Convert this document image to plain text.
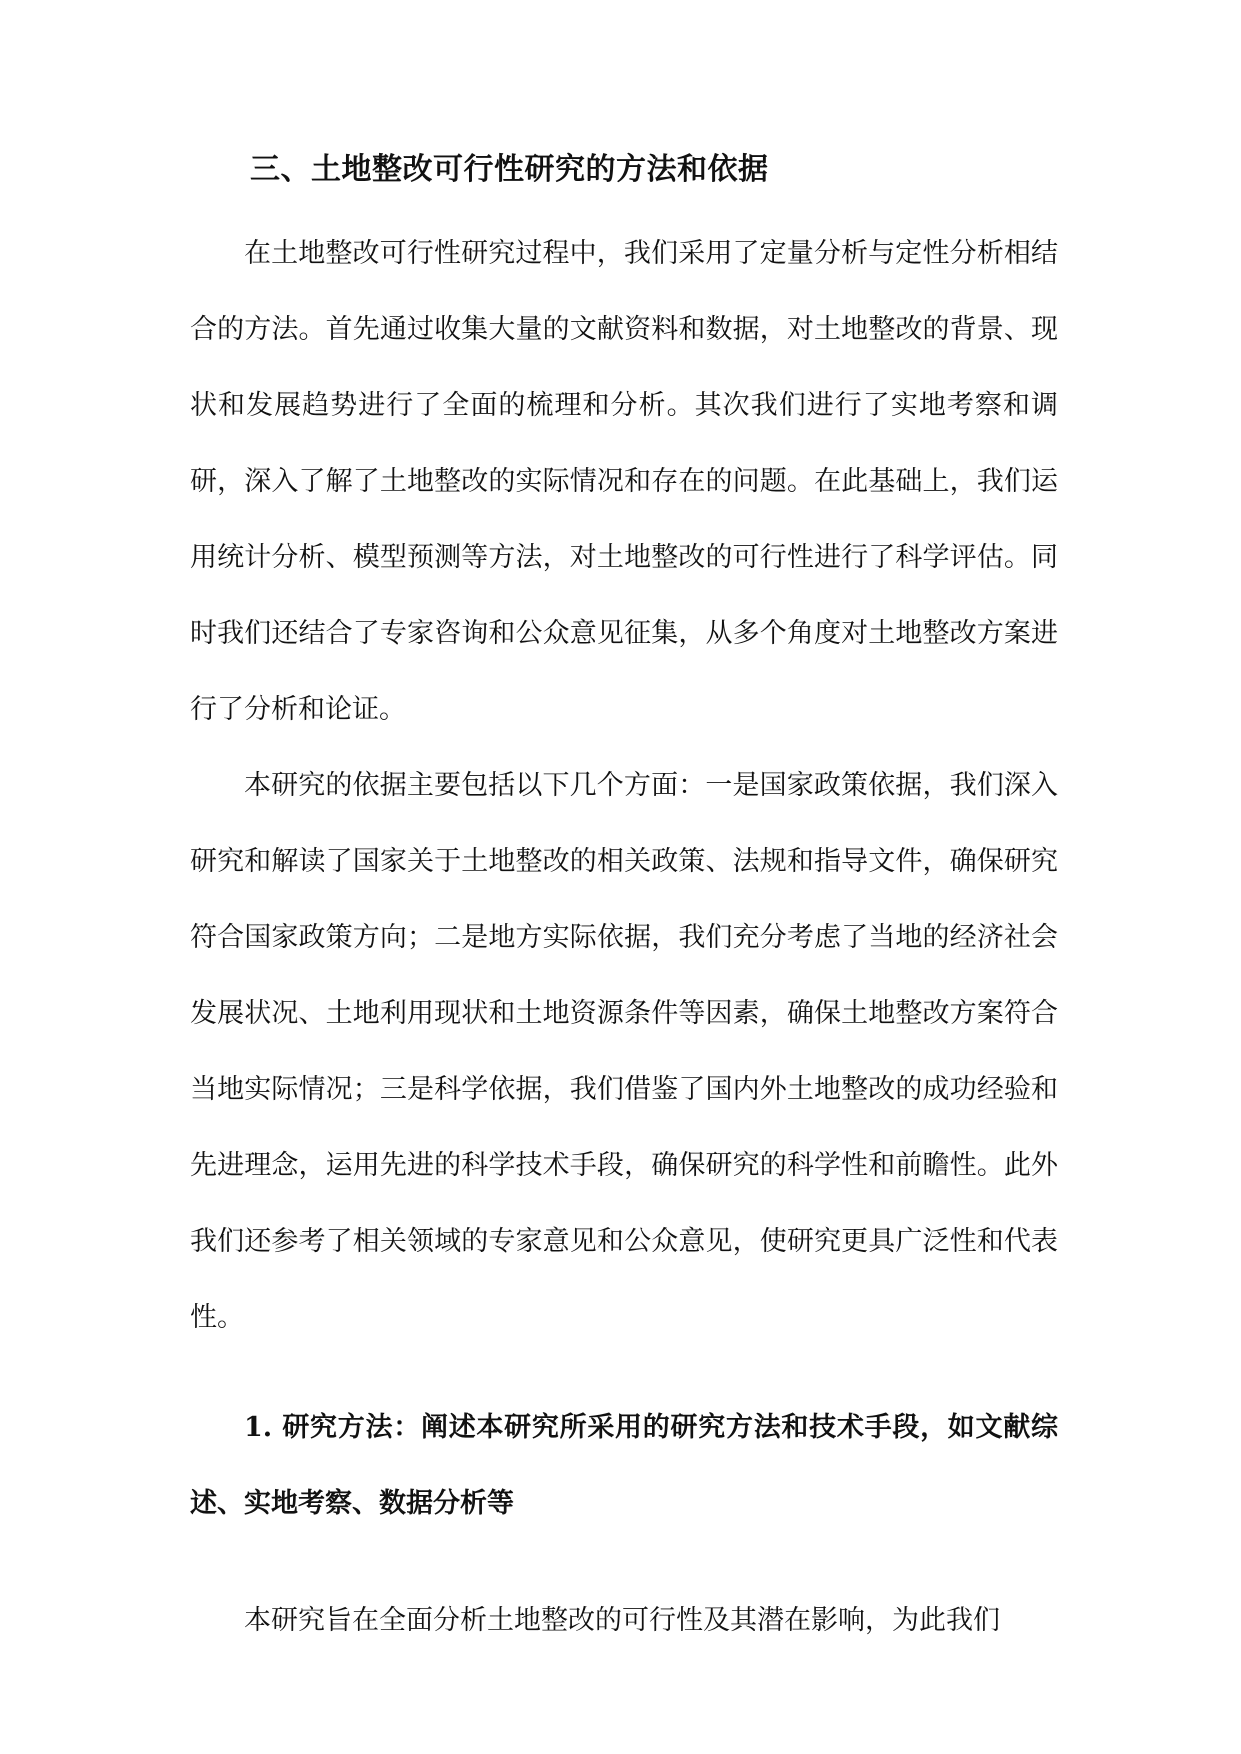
三、土地整改可行性研究的方法和依据

在土地整改可行性研究过程中，我们采用了定量分析与定性分析相结合的方法。首先通过收集大量的文献资料和数据，对土地整改的背景、现状和发展趋势进行了全面的梳理和分析。其次我们进行了实地考察和调研，深入了解了土地整改的实际情况和存在的问题。在此基础上，我们运用统计分析、模型预测等方法，对土地整改的可行性进行了科学评估。同时我们还结合了专家咨询和公众意见征集，从多个角度对土地整改方案进行了分析和论证。

本研究的依据主要包括以下几个方面：一是国家政策依据，我们深入研究和解读了国家关于土地整改的相关政策、法规和指导文件，确保研究符合国家政策方向；二是地方实际依据，我们充分考虑了当地的经济社会发展状况、土地利用现状和土地资源条件等因素，确保土地整改方案符合当地实际情况；三是科学依据，我们借鉴了国内外土地整改的成功经验和先进理念，运用先进的科学技术手段，确保研究的科学性和前瞻性。此外我们还参考了相关领域的专家意见和公众意见，使研究更具广泛性和代表性。

1. 研究方法：阐述本研究所采用的研究方法和技术手段，如文献综述、实地考察、数据分析等

本研究旨在全面分析土地整改的可行性及其潜在影响，为此我们
